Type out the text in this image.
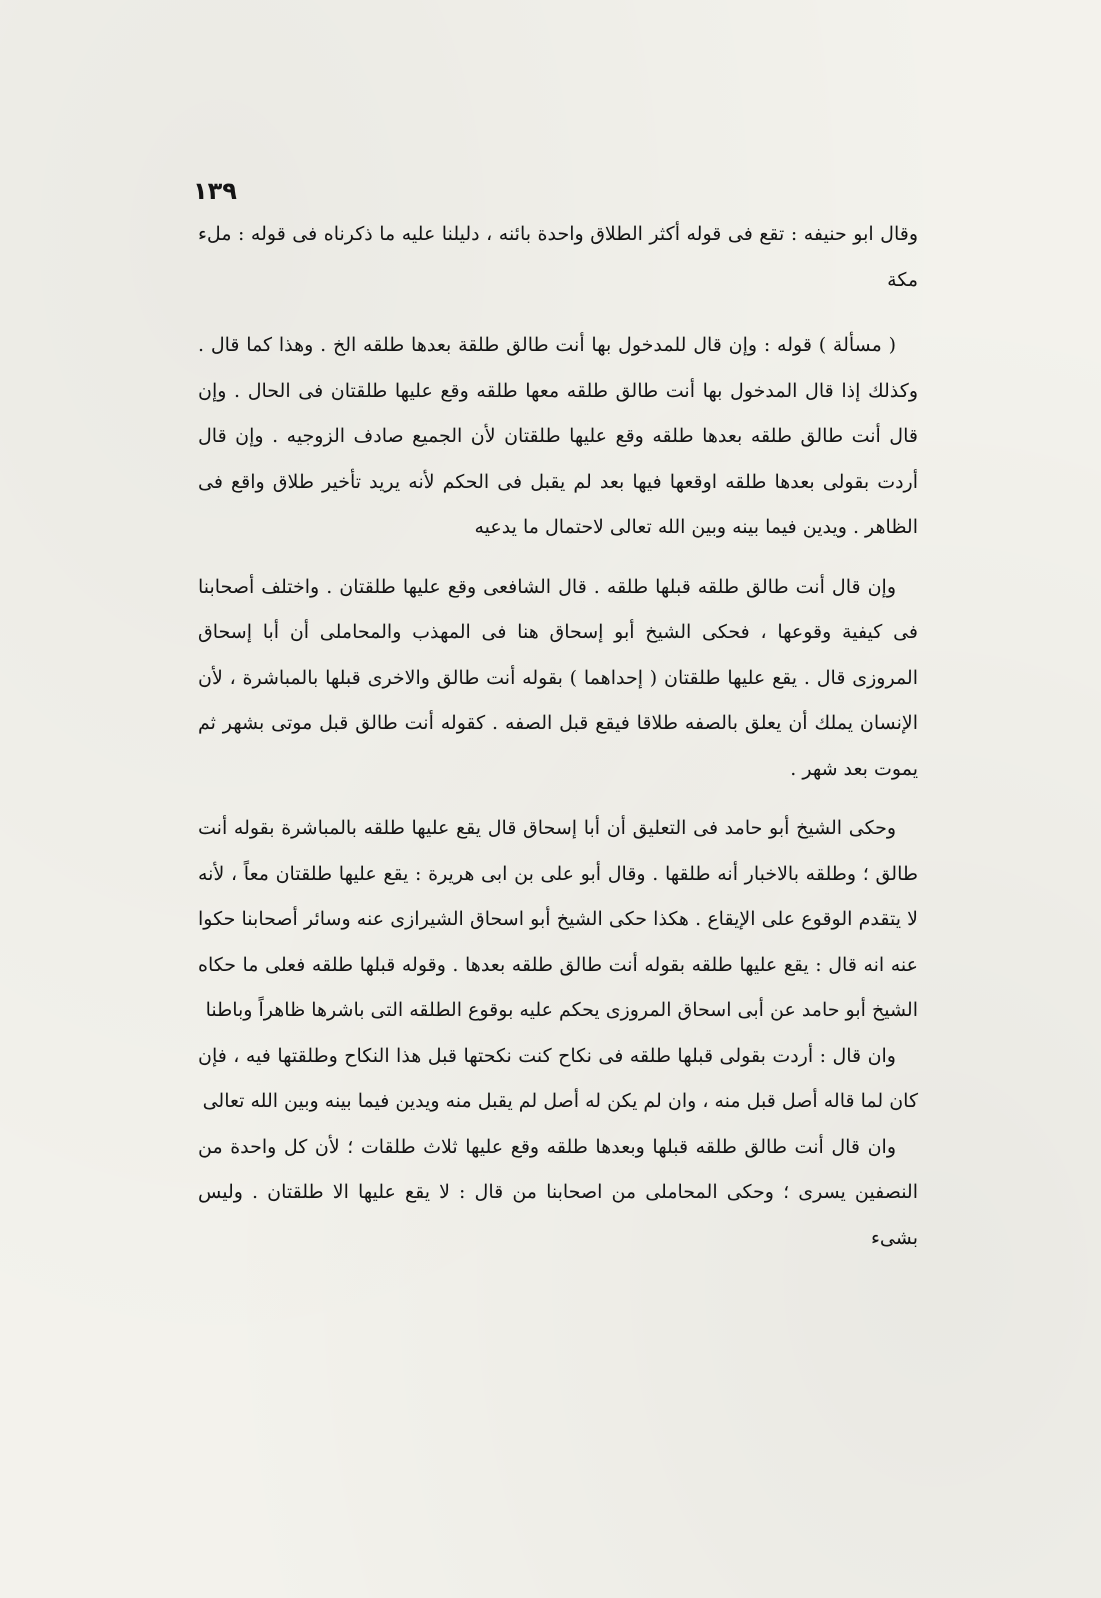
١٣٩

وقال ابو حنيفه : تقع فى قوله أكثر الطلاق واحدة بائنه ، دليلنا عليه ما ذكرناه فى قوله : ملء مكة

( مسألة ) قوله : وإن قال للمدخول بها أنت طالق طلقة بعدها طلقه الخ . وهذا كما قال . وكذلك إذا قال المدخول بها أنت طالق طلقه معها طلقه وقع عليها طلقتان فى الحال . وإن قال أنت طالق طلقه بعدها طلقه وقع عليها طلقتان لأن الجميع صادف الزوجيه . وإن قال أردت بقولى بعدها طلقه اوقعها فيها بعد لم يقبل فى الحكم لأنه يريد تأخير طلاق واقع فى الظاهر . ويدين فيما بينه وبين الله تعالى لاحتمال ما يدعيه

وإن قال أنت طالق طلقه قبلها طلقه . قال الشافعى وقع عليها طلقتان . واختلف أصحابنا فى كيفية وقوعها ، فحكى الشيخ أبو إسحاق هنا فى المهذب والمحاملى أن أبا إسحاق المروزى قال . يقع عليها طلقتان ( إحداهما ) بقوله أنت طالق والاخرى قبلها بالمباشرة ، لأن الإنسان يملك أن يعلق بالصفه طلاقا فيقع قبل الصفه . كقوله أنت طالق قبل موتى بشهر ثم يموت بعد شهر .

وحكى الشيخ أبو حامد فى التعليق أن أبا إسحاق قال يقع عليها طلقه بالمباشرة بقوله أنت طالق ؛ وطلقه بالاخبار أنه طلقها . وقال أبو على بن ابى هريرة : يقع عليها طلقتان معاً ، لأنه لا يتقدم الوقوع على الإيقاع . هكذا حكى الشيخ أبو اسحاق الشيرازى عنه وسائر أصحابنا حكوا عنه انه قال : يقع عليها طلقه بقوله أنت طالق طلقه بعدها . وقوله قبلها طلقه فعلى ما حكاه الشيخ أبو حامد عن أبى اسحاق المروزى يحكم عليه بوقوع الطلقه التى باشرها ظاهراً وباطنا

وان قال : أردت بقولى قبلها طلقه فى نكاح كنت نكحتها قبل هذا النكاح وطلقتها فيه ، فإن كان لما قاله أصل قبل منه ، وان لم يكن له أصل لم يقبل منه ويدين فيما بينه وبين الله تعالى

وان قال أنت طالق طلقه قبلها وبعدها طلقه وقع عليها ثلاث طلقات ؛ لأن كل واحدة من النصفين يسرى ؛ وحكى المحاملى من اصحابنا من قال : لا يقع عليها الا طلقتان . وليس بشىء
